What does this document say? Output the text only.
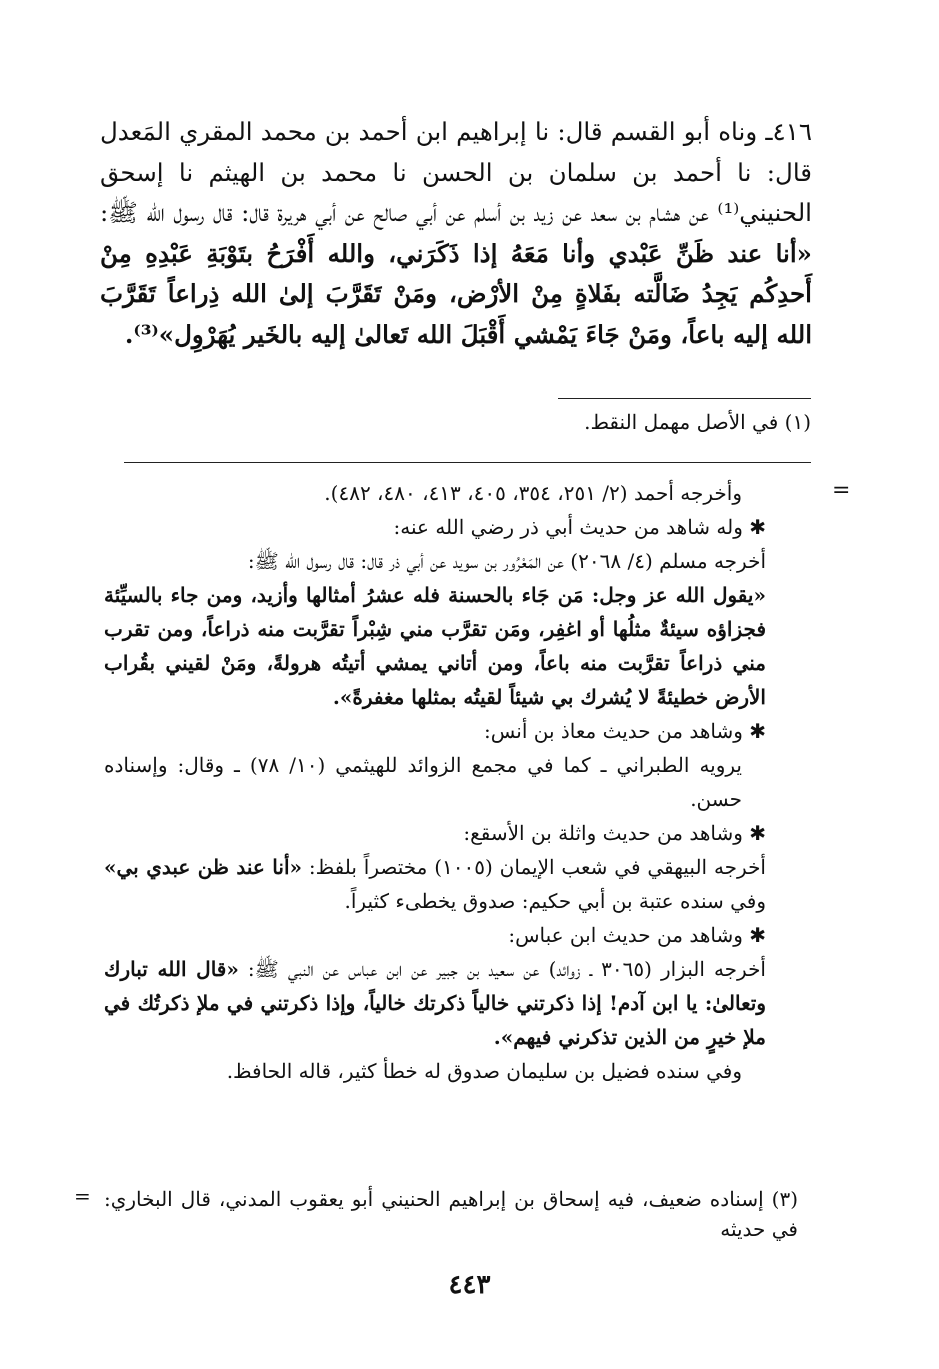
٤١٦ـ وناه أبو القسم قال: نا إبراهيم ابن أحمد بن محمد المقري المَعدل قال: نا أحمد بن سلمان بن الحسن نا محمد بن الهيثم نا إسحق الحنيني⁽¹⁾ عن هشام بن سعد عن زيد بن أسلم عن أبي صالح عن أبي هريرة قال: قال رسول الله ﷺ: «أنا عند ظَنِّ عَبْدي وأنا مَعَهُ إذا ذَكَرَني، والله أَفْرَحُ بتَوْبَةِ عَبْدِهِ مِنْ أَحدِكُم يَجِدُ ضَالَّته بفَلاةٍ مِنْ الأرْض، ومَنْ تَقَرَّبَ إلىٰ الله ذِراعاً تَقَرَّبَ الله إليه باعاً، ومَنْ جَاءَ يَمْشي أَقْبَلَ الله تَعالىٰ إليه بالخَير يُهَرْوِل»⁽³⁾.

(١) في الأصل مهمل النقط.
=

وأخرجه أحمد (٢/ ٢٥١، ٣٥٤، ٤٠٥، ٤١٣، ٤٨٠، ٤٨٢).

✱ وله شاهد من حديث أبي ذر رضي الله عنه:

أخرجه مسلم (٤/ ٢٠٦٨) عن المَعْرُور بن سويد عن أبي ذر قال: قال رسول الله ﷺ:

«يقول الله عز وجل: مَن جَاء بالحسنة فله عشرُ أمثالها وأزيد، ومن جاء بالسيِّئة فجزاؤه سيئةٌ مثلُها أو اغفِر، ومَن تقرَّب مني شِبْراً تقرَّبت منه ذراعاً، ومن تقرب مني ذراعاً تقرَّبت منه باعاً، ومن أتاني يمشي أتيتُه هرولةً، ومَنْ لقيني بقُراب الأرض خطيئةً لا يُشرك بي شيئاً لقيتُه بمثلها مغفرةً».

✱ وشاهد من حديث معاذ بن أنس:

يرويه الطبراني ـ كما في مجمع الزوائد للهيثمي (١٠/ ٧٨) ـ وقال: وإسناده حسن.

✱ وشاهد من حديث واثلة بن الأسقع:

أخرجه البيهقي في شعب الإيمان (١٠٠٥) مختصراً بلفظ: «أنا عند ظن عبدي بي» وفي سنده عتبة بن أبي حكيم: صدوق يخطىء كثيراً.

✱ وشاهد من حديث ابن عباس:

أخرجه البزار (٣٠٦٥ ـ زوائد) عن سعيد بن جبير عن ابن عباس عن النبي ﷺ: «قال الله تبارك وتعالىٰ: يا ابن آدم! إذا ذكرتني خالياً ذكرتك خالياً، وإذا ذكرتني في ملإ ذكرتُك في ملإ خيرٍ من الذين تذكرني فيهم».

وفي سنده فضيل بن سليمان صدوق له خطأ كثير، قاله الحافظ.

(٣) إسناده ضعيف، فيه إسحاق بن إبراهيم الحنيني أبو يعقوب المدني، قال البخاري: في حديثه
=
٤٤٣
